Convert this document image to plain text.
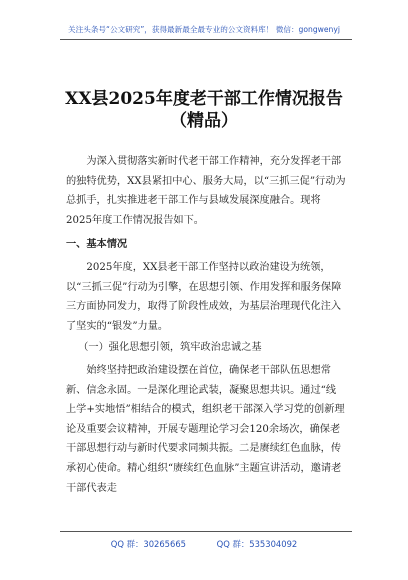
关注头条号“公文研究”，获得最新最全最专业的公文资料库！ 微信：gongwenyj
XX县2025年度老干部工作情况报告
（精品）

为深入贯彻落实新时代老干部工作精神，充分发挥老干部的独特优势，XX县紧扣中心、服务大局，以“三抓三促”行动为总抓手，扎实推进老干部工作与县域发展深度融合。现将2025年度工作情况报告如下。

一、基本情况

2025年度，XX县老干部工作坚持以政治建设为统领，以“三抓三促”行动为引擎，在思想引领、作用发挥和服务保障三方面协同发力，取得了阶段性成效，为基层治理现代化注入了坚实的“银发”力量。

（一）强化思想引领，筑牢政治忠诚之基

始终坚持把政治建设摆在首位，确保老干部队伍思想常新、信念永固。一是深化理论武装，凝聚思想共识。通过“线上学+实地悟”相结合的模式，组织老干部深入学习党的创新理论及重要会议精神，开展专题理论学习会120余场次，确保老干部思想行动与新时代要求同频共振。二是赓续红色血脉，传承初心使命。精心组织“赓续红色血脉”主题宣讲活动，邀请老干部代表走

QQ 群：30265665	QQ 群：535304092
